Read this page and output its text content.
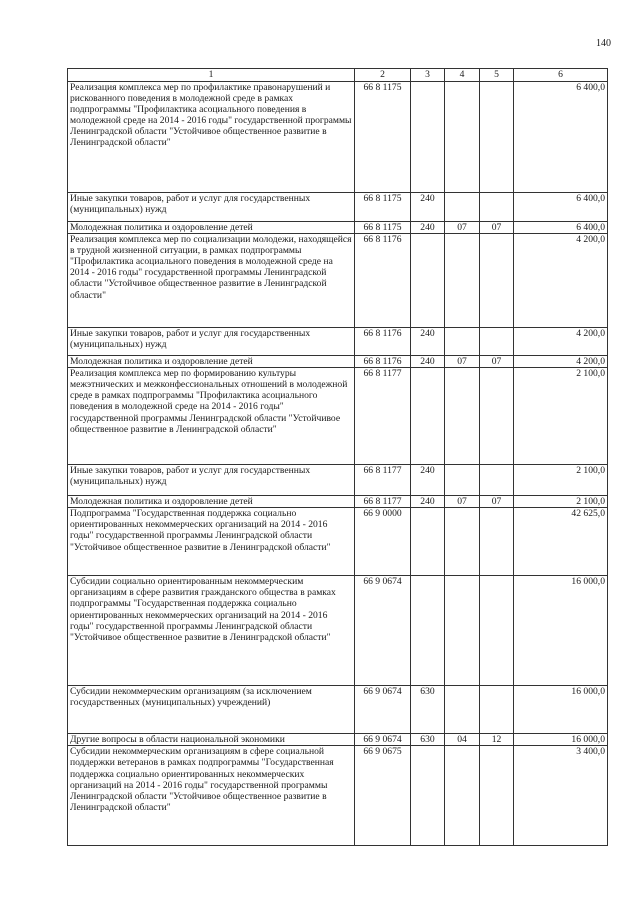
140
1	2	3	4	5	6
Реализация комплекса мер по профилактике правонарушений и рискованного поведения в молодежной среде в рамках подпрограммы "Профилактика асоциального поведения в молодежной среде на 2014 - 2016 годы" государственной программы Ленинградской области "Устойчивое общественное развитие в Ленинградской области"	66 8 1175				6 400,0
Иные закупки товаров, работ и услуг для государственных (муниципальных) нужд	66 8 1175	240			6 400,0
Молодежная политика и оздоровление детей	66 8 1175	240	07	07	6 400,0
Реализация комплекса мер по социализации молодежи, находящейся в трудной жизненной ситуации, в рамках подпрограммы "Профилактика асоциального поведения в молодежной среде на 2014 - 2016 годы" государственной программы Ленинградской области "Устойчивое общественное развитие в Ленинградской области"	66 8 1176				4 200,0
Иные закупки товаров, работ и услуг для государственных (муниципальных) нужд	66 8 1176	240			4 200,0
Молодежная политика и оздоровление детей	66 8 1176	240	07	07	4 200,0
Реализация комплекса мер по формированию культуры межэтнических и межконфессиональных отношений в молодежной среде в рамках подпрограммы "Профилактика асоциального поведения в молодежной среде на 2014 - 2016 годы" государственной программы Ленинградской области "Устойчивое общественное развитие в Ленинградской области"	66 8 1177				2 100,0
Иные закупки товаров, работ и услуг для государственных (муниципальных) нужд	66 8 1177	240			2 100,0
Молодежная политика и оздоровление детей	66 8 1177	240	07	07	2 100,0
Подпрограмма "Государственная поддержка социально ориентированных некоммерческих организаций на 2014 - 2016 годы" государственной программы Ленинградской области "Устойчивое общественное развитие в Ленинградской области"	66 9 0000				42 625,0
Субсидии социально ориентированным некоммерческим организациям в сфере развития гражданского общества в рамках подпрограммы "Государственная поддержка социально ориентированных некоммерческих организаций на 2014 - 2016 годы" государственной программы Ленинградской области "Устойчивое общественное развитие в Ленинградской области"	66 9 0674				16 000,0
Субсидии некоммерческим организациям (за исключением государственных (муниципальных) учреждений)	66 9 0674	630			16 000,0
Другие вопросы в области национальной экономики	66 9 0674	630	04	12	16 000,0
Субсидии некоммерческим организациям в сфере социальной поддержки ветеранов в рамках подпрограммы "Государственная поддержка социально ориентированных некоммерческих организаций на 2014 - 2016 годы" государственной программы Ленинградской области "Устойчивое общественное развитие в Ленинградской области"	66 9 0675				3 400,0
